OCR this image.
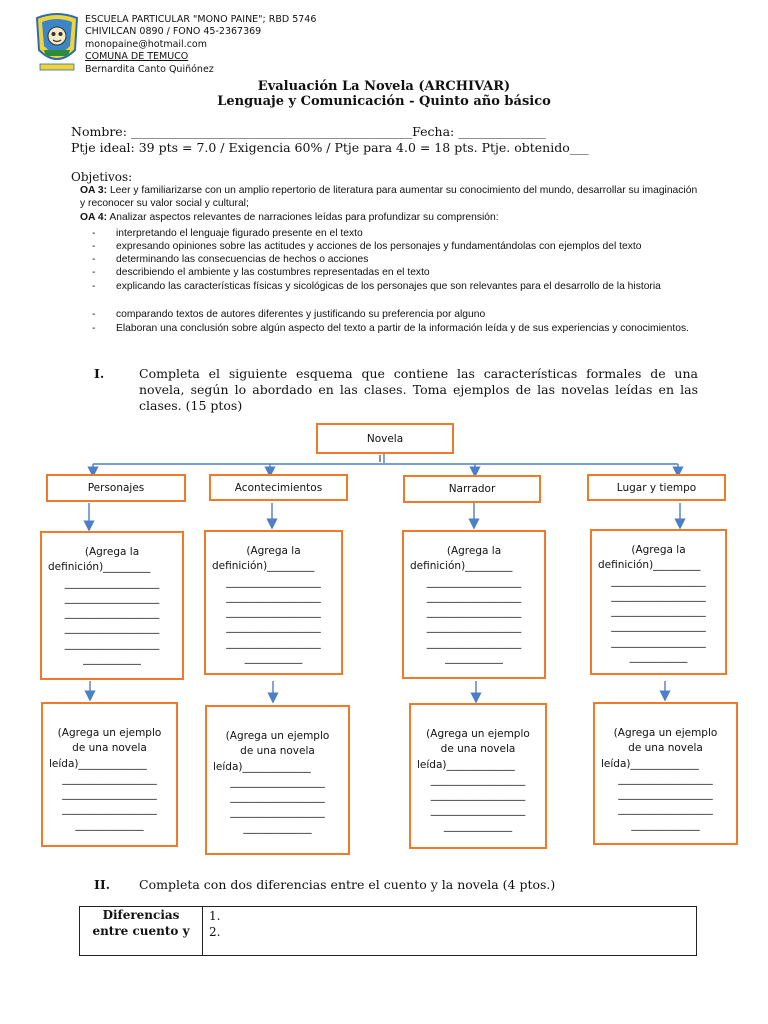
ESCUELA PARTICULAR "MONO PAINE"; RBD 5746
CHIVILCAN 0890 / FONO 45-2367369
monopaine@hotmail.com
COMUNA DE TEMUCO
Bernardita Canto Quiñónez
Evaluación La Novela (ARCHIVAR)
Lenguaje y Comunicación - Quinto año básico
Nombre: _____________________________________________Fecha: ______________
Ptje ideal: 39 pts = 7.0 / Exigencia 60% / Ptje para 4.0 = 18 pts. Ptje. obtenido___
Objetivos:
OA 3: Leer y familiarizarse con un amplio repertorio de literatura para aumentar su conocimiento del mundo, desarrollar su imaginación y reconocer su valor social y cultural;
OA 4: Analizar aspectos relevantes de narraciones leídas para profundizar su comprensión:
-	interpretando el lenguaje figurado presente en el texto
-	expresando opiniones sobre las actitudes y acciones de los personajes y fundamentándolas con ejemplos del texto
-	determinando las consecuencias de hechos o acciones
-	describiendo el ambiente y las costumbres representadas en el texto
-	explicando las características físicas y sicológicas de los personajes que son relevantes para el desarrollo de la historia
-	comparando textos de autores diferentes y justificando su preferencia por alguno
-	Elaboran una conclusión sobre algún aspecto del texto a partir de la información leída y de sus experiencias y conocimientos.
I.	Completa el siguiente esquema que contiene las características formales de una novela, según lo abordado en las clases. Toma ejemplos de las novelas leídas en las clases. (15 ptos)
Novela
Personajes	Acontecimientos	Narrador	Lugar y tiempo
(Agrega la
definición)_________
__________________
__________________
__________________
__________________
__________________
___________
(Agrega la
definición)_________
__________________
__________________
__________________
__________________
__________________
___________
(Agrega la
definición)_________
__________________
__________________
__________________
__________________
__________________
___________
(Agrega la
definición)_________
__________________
__________________
__________________
__________________
__________________
___________
(Agrega un ejemplo
de una novela
leída)_____________
__________________
__________________
__________________
_____________
(Agrega un ejemplo
de una novela
leída)_____________
__________________
__________________
__________________
_____________
(Agrega un ejemplo
de una novela
leída)_____________
__________________
__________________
__________________
_____________
(Agrega un ejemplo
de una novela
leída)_____________
__________________
__________________
__________________
_____________
II. Completa con dos diferencias entre el cuento y la novela (4 ptos.)
Diferencias entre cuento y	
1.
2.
